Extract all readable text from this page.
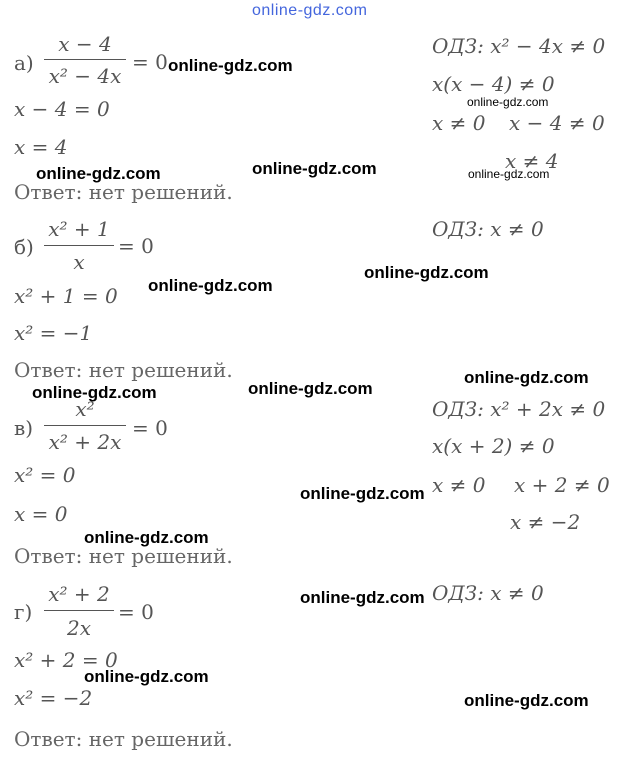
online-gdz.com
а)
x − 4
x² − 4x
= 0
x − 4 = 0
x = 4
Ответ: нет решений.
ОДЗ: x² − 4x ≠ 0
x(x − 4) ≠ 0
x ≠ 0 x − 4 ≠ 0
x ≠ 4
б)
x² + 1
x
= 0
x² + 1 = 0
x² = −1
Ответ: нет решений.
ОДЗ: x ≠ 0
в)
x²
x² + 2x
= 0
x² = 0
x = 0
Ответ: нет решений.
ОДЗ: x² + 2x ≠ 0
x(x + 2) ≠ 0
x ≠ 0 x + 2 ≠ 0
x ≠ −2
г)
x² + 2
2x
= 0
x² + 2 = 0
x² = −2
Ответ: нет решений.
ОДЗ: x ≠ 0
online-gdz.com
online-gdz.com	online-gdz.com
online-gdz.com
online-gdz.com
online-gdz.com
online-gdz.com	online-gdz.com
online-gdz.com
online-gdz.com
online-gdz.com
online-gdz.com
online-gdz.com
online-gdz.com
online-gdz.com
